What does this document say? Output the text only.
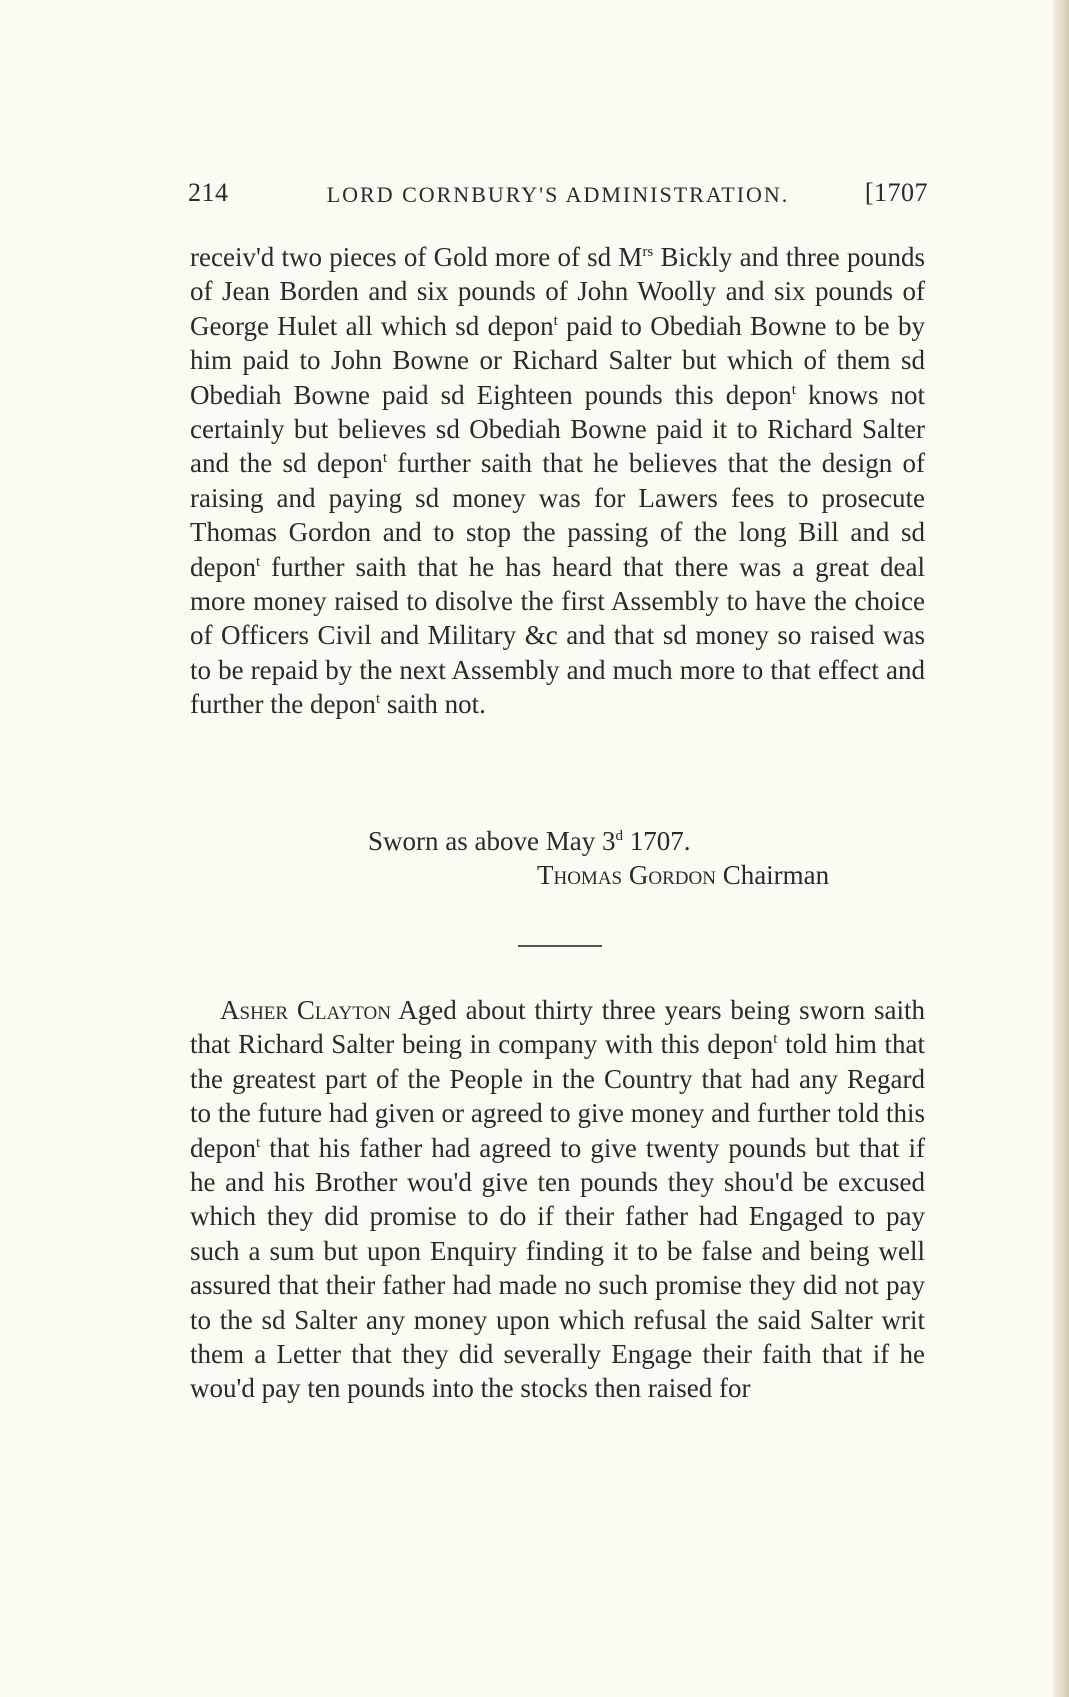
214	LORD CORNBURY'S ADMINISTRATION.	[1707

receiv'd two pieces of Gold more of sd $M^{rs}$ Bickly and three pounds of Jean Borden and six pounds of John Woolly and six pounds of George Hulet all which sd depon$^t$ paid to Obediah Bowne to be by him paid to John Bowne or Richard Salter but which of them sd Obediah Bowne paid sd Eighteen pounds this depon$^t$ knows not certainly but believes sd Obediah Bowne paid it to Richard Salter and the sd depon$^t$ further saith that he believes that the design of raising and paying sd money was for Lawers fees to prosecute Thomas Gordon and to stop the passing of the long Bill and sd depon$^t$ further saith that he has heard that there was a great deal more money raised to disolve the first Assembly to have the choice of Officers Civil and Military &c and that sd money so raised was to be repaid by the next Assembly and much more to that effect and further the depon$^t$ saith not.

Sworn as above May 3$^d$ 1707.
Thomas Gordon Chairman

Asher Clayton Aged about thirty three years being sworn saith that Richard Salter being in company with this depon$^t$ told him that the greatest part of the People in the Country that had any Regard to the future had given or agreed to give money and further told this depon$^t$ that his father had agreed to give twenty pounds but that if he and his Brother wou'd give ten pounds they shou'd be excused which they did promise to do if their father had Engaged to pay such a sum but upon Enquiry finding it to be false and being well assured that their father had made no such promise they did not pay to the sd Salter any money upon which refusal the said Salter writ them a Letter that they did severally Engage their faith that if he wou'd pay ten pounds into the stocks then raised for
